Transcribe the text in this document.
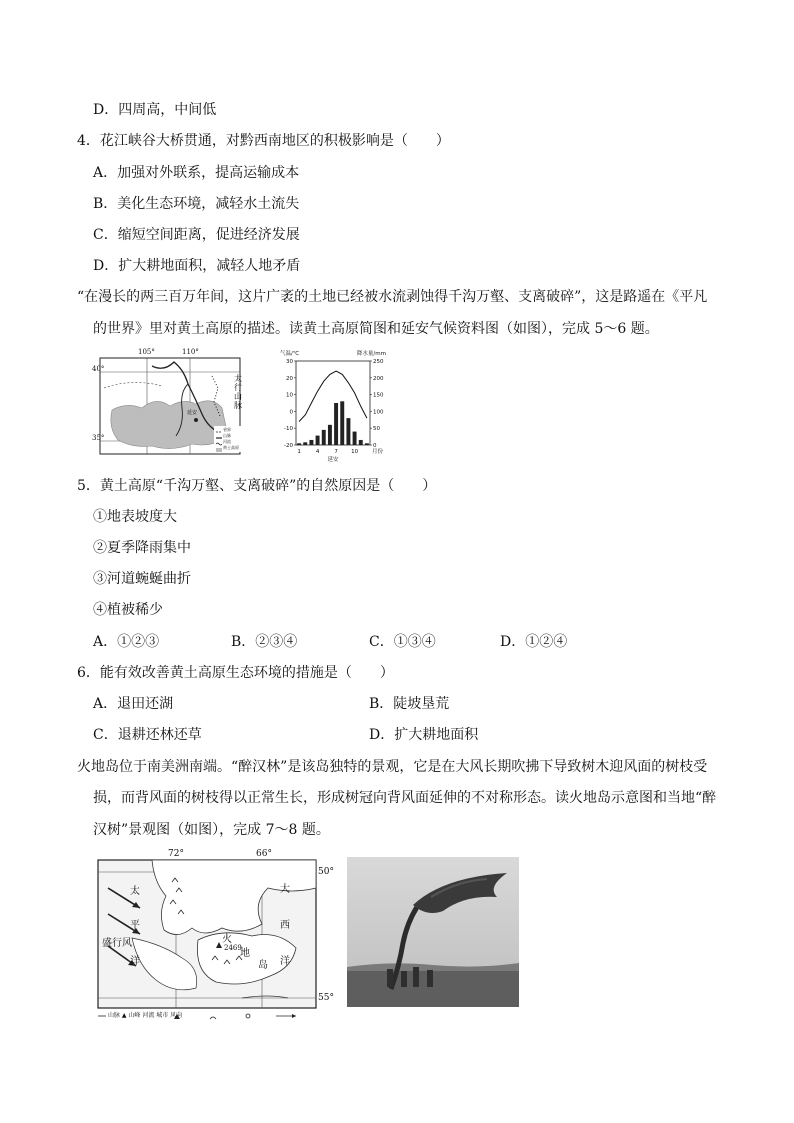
D．四周高，中间低
4．花江峡谷大桥贯通，对黔西南地区的积极影响是（　　）
A．加强对外联系，提高运输成本
B．美化生态环境，减轻水土流失
C．缩短空间距离，促进经济发展
D．扩大耕地面积，减轻人地矛盾
“在漫长的两三百万年间，这片广袤的土地已经被水流剥蚀得千沟万壑、支离破碎”，这是路遥在《平凡
的世界》里对黄土高原的描述。读黄土高原简图和延安气候资料图（如图），完成 5～6 题。
105°	110°
40°
35°
太
行
山
脉
延安
省界
山脉
河流
黄土高原
气温/℃	降水量/mm
30
20
10
0
-10
-20
250
200
150
100
50
0
1	4	7 10	月份
延安
5．黄土高原“千沟万壑、支离破碎”的自然原因是（　　）
①地表坡度大
②夏季降雨集中
③河道蜿蜒曲折
④植被稀少
A．①②③	B．②③④	C．①③④	D．①②④
6．能有效改善黄土高原生态环境的措施是（　　）
A．退田还湖	B．陡坡垦荒
C．退耕还林还草	D．扩大耕地面积
火地岛位于南美洲南端。“醉汉林”是该岛独特的景观，它是在大风长期吹拂下导致树木迎风面的树枝受
损，而背风面的树枝得以正常生长，形成树冠向背风面延伸的不对称形态。读火地岛示意图和当地“醉
汉树”景观图（如图），完成 7～8 题。
72°	66°
50°
55°
太
平
洋
盛行风
大
西
洋
火
地
岛
2469
山脉 ▲ 山峰 河流 城市 风向
